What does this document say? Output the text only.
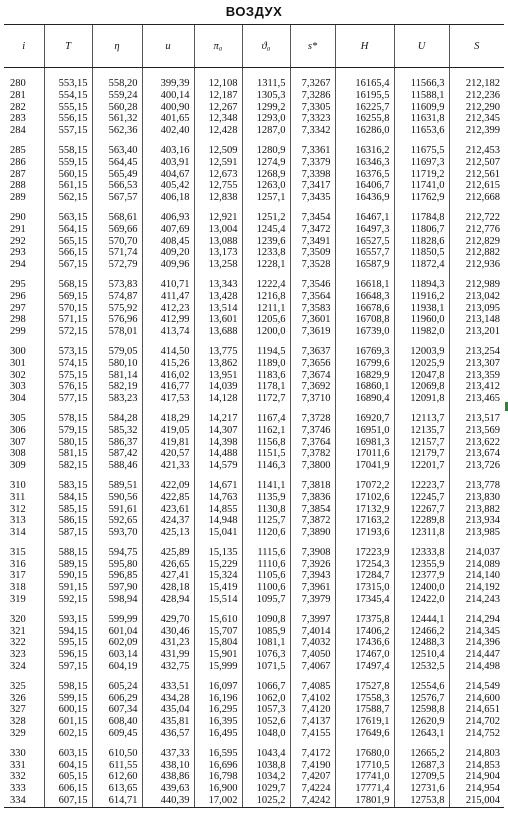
ВОЗДУХ
i	T	η	u	π₀	ϑ₀	s*	H	U	S

280	553,15	558,20	399,39	12,108	1311,5	7,3267	16165,4	11566,3	212,182
281	554,15	559,24	400,14	12,187	1305,3	7,3286	16195,5	11588,1	212,236
282	555,15	560,28	400,90	12,267	1299,2	7,3305	16225,7	11609,9	212,290
283	556,15	561,32	401,65	12,348	1293,0	7,3323	16255,8	11631,8	212,345
284	557,15	562,36	402,40	12,428	1287,0	7,3342	16286,0	11653,6	212,399

285	558,15	563,40	403,16	12,509	1280,9	7,3361	16316,2	11675,5	212,453
286	559,15	564,45	403,91	12,591	1274,9	7,3379	16346,3	11697,3	212,507
287	560,15	565,49	404,67	12,673	1268,9	7,3398	16376,5	11719,2	212,561
288	561,15	566,53	405,42	12,755	1263,0	7,3417	16406,7	11741,0	212,615
289	562,15	567,57	406,18	12,838	1257,1	7,3435	16436,9	11762,9	212,668

290	563,15	568,61	406,93	12,921	1251,2	7,3454	16467,1	11784,8	212,722
291	564,15	569,66	407,69	13,004	1245,4	7,3472	16497,3	11806,7	212,776
292	565,15	570,70	408,45	13,088	1239,6	7,3491	16527,5	11828,6	212,829
293	566,15	571,74	409,20	13,173	1233,8	7,3509	16557,7	11850,5	212,882
294	567,15	572,79	409,96	13,258	1228,1	7,3528	16587,9	11872,4	212,936

295	568,15	573,83	410,71	13,343	1222,4	7,3546	16618,1	11894,3	212,989
296	569,15	574,87	411,47	13,428	1216,8	7,3564	16648,3	11916,2	213,042
297	570,15	575,92	412,23	13,514	1211,1	7,3583	16678,6	11938,1	213,095
298	571,15	576,96	412,99	13,601	1205,6	7,3601	16708,8	11960,0	213,148
299	572,15	578,01	413,74	13,688	1200,0	7,3619	16739,0	11982,0	213,201

300	573,15	579,05	414,50	13,775	1194,5	7,3637	16769,3	12003,9	213,254
301	574,15	580,10	415,26	13,862	1189,0	7,3656	16799,6	12025,9	213,307
302	575,15	581,14	416,02	13,951	1183,6	7,3674	16829,9	12047,8	213,359
303	576,15	582,19	416,77	14,039	1178,1	7,3692	16860,1	12069,8	213,412
304	577,15	583,23	417,53	14,128	1172,7	7,3710	16890,4	12091,8	213,465

305	578,15	584,28	418,29	14,217	1167,4	7,3728	16920,7	12113,7	213,517
306	579,15	585,32	419,05	14,307	1162,1	7,3746	16951,0	12135,7	213,569
307	580,15	586,37	419,81	14,398	1156,8	7,3764	16981,3	12157,7	213,622
308	581,15	587,42	420,57	14,488	1151,5	7,3782	17011,6	12179,7	213,674
309	582,15	588,46	421,33	14,579	1146,3	7,3800	17041,9	12201,7	213,726

310	583,15	589,51	422,09	14,671	1141,1	7,3818	17072,2	12223,7	213,778
311	584,15	590,56	422,85	14,763	1135,9	7,3836	17102,6	12245,7	213,830
312	585,15	591,61	423,61	14,855	1130,8	7,3854	17132,9	12267,7	213,882
313	586,15	592,65	424,37	14,948	1125,7	7,3872	17163,2	12289,8	213,934
314	587,15	593,70	425,13	15,041	1120,6	7,3890	17193,6	12311,8	213,985

315	588,15	594,75	425,89	15,135	1115,6	7,3908	17223,9	12333,8	214,037
316	589,15	595,80	426,65	15,229	1110,6	7,3926	17254,3	12355,9	214,089
317	590,15	596,85	427,41	15,324	1105,6	7,3943	17284,7	12377,9	214,140
318	591,15	597,90	428,18	15,419	1100,6	7,3961	17315,0	12400,0	214,192
319	592,15	598,94	428,94	15,514	1095,7	7,3979	17345,4	12422,0	214,243

320	593,15	599,99	429,70	15,610	1090,8	7,3997	17375,8	12444,1	214,294
321	594,15	601,04	430,46	15,707	1085,9	7,4014	17406,2	12466,2	214,345
322	595,15	602,09	431,23	15,804	1081,1	7,4032	17436,6	12488,3	214,396
323	596,15	603,14	431,99	15,901	1076,3	7,4050	17467,0	12510,4	214,447
324	597,15	604,19	432,75	15,999	1071,5	7,4067	17497,4	12532,5	214,498

325	598,15	605,24	433,51	16,097	1066,7	7,4085	17527,8	12554,6	214,549
326	599,15	606,29	434,28	16,196	1062,0	7,4102	17558,3	12576,7	214,600
327	600,15	607,34	435,04	16,295	1057,3	7,4120	17588,7	12598,8	214,651
328	601,15	608,40	435,81	16,395	1052,6	7,4137	17619,1	12620,9	214,702
329	602,15	609,45	436,57	16,495	1048,0	7,4155	17649,6	12643,1	214,752

330	603,15	610,50	437,33	16,595	1043,4	7,4172	17680,0	12665,2	214,803
331	604,15	611,55	438,10	16,696	1038,8	7,4190	17710,5	12687,3	214,853
332	605,15	612,60	438,86	16,798	1034,2	7,4207	17741,0	12709,5	214,904
333	606,15	613,65	439,63	16,900	1029,7	7,4224	17771,4	12731,6	214,954
334	607,15	614,71	440,39	17,002	1025,2	7,4242	17801,9	12753,8	215,004
